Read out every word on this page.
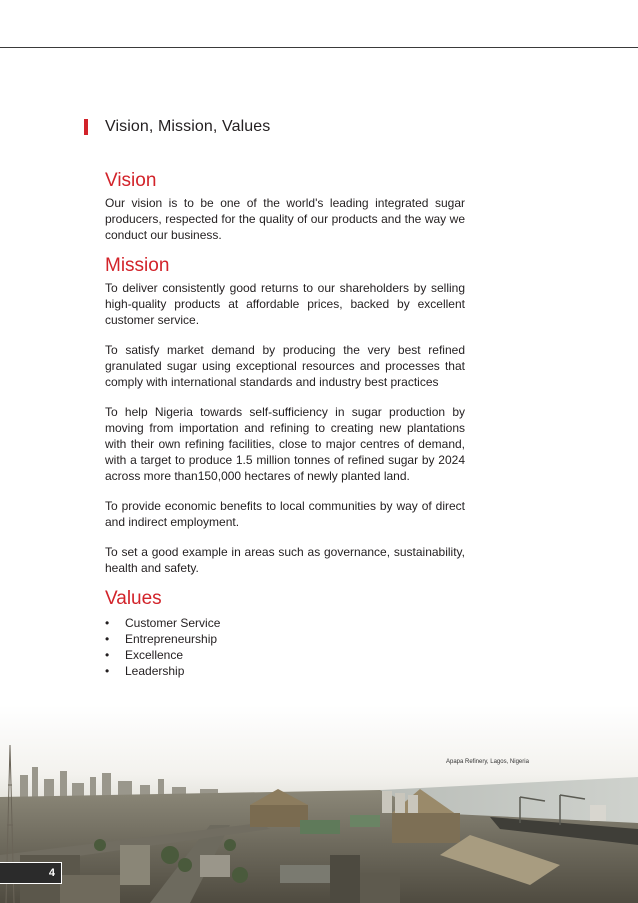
Vision, Mission, Values
Vision

Our vision is to be one of the world's leading integrated sugar producers, respected for the quality of our products and the way we conduct our business.

Mission

To deliver consistently good returns to our shareholders by selling high-quality products at affordable prices, backed by excellent customer service.

To satisfy market demand by producing the very best refined granulated sugar using exceptional resources and processes that comply with international standards and industry best practices

To help Nigeria towards self-sufficiency in sugar production by moving from importation and refining to creating new plantations with their own refining facilities, close to major centres of demand, with a target to produce 1.5 million tonnes of refined sugar by 2024 across more than150,000 hectares of newly planted land.

To provide economic benefits to local communities by way of direct and indirect employment.

To set a good example in areas such as governance, sustainability, health and safety.

Values
•	Customer Service
•	Entrepreneurship
•	Excellence
•	Leadership
Apapa Refinery, Lagos, Nigeria
4
